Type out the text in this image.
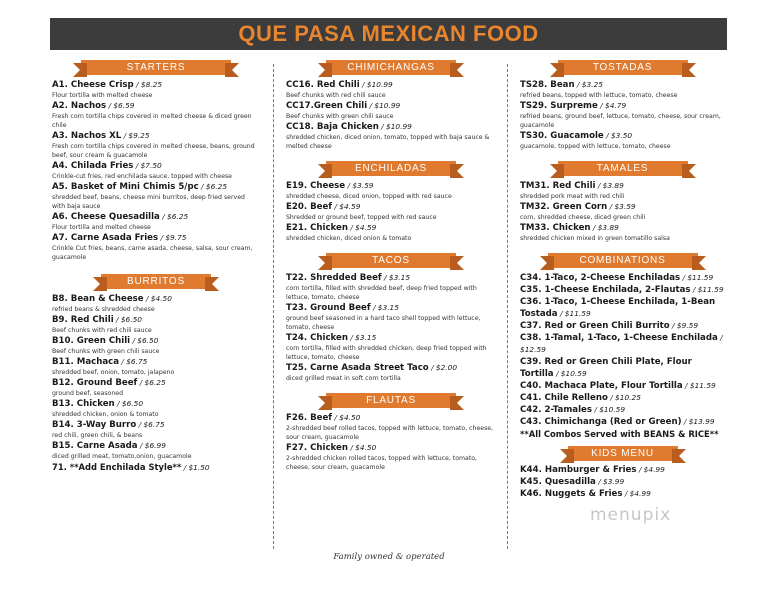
QUE PASA MEXICAN FOOD
STARTERS
A1. Cheese Crisp / $8.25
Flour tortilla with melted cheese
A2. Nachos / $6.59
Fresh corn tortilla chips covered in melted cheese & diced green chile
A3. Nachos XL / $9.25
Fresh corn tortilla chips covered in melted cheese, beans, ground beef, sour cream & guacamole
A4. Chilada Fries / $7.50
Crinkle-cut fries, red enchilada sauce, topped with cheese
A5. Basket of Mini Chimis 5/pc / $6.25
shredded beef, beans, cheese mini burritos, deep fried served with baja sauce
A6. Cheese Quesadilla / $6.25
Flour tortilla and melted cheese
A7. Carne Asada Fries / $9.75
Crinkle Cut fries, beans, carne asada, cheese, salsa, sour cream, guacamole
BURRITOS
B8. Bean & Cheese / $4.50
refried beans & shredded cheese
B9. Red Chili / $6.50
Beef chunks with red chili sauce
B10. Green Chili / $6.50
Beef chunks with green chili sauce
B11. Machaca / $6.75
shredded beef, onion, tomato, jalapeno
B12. Ground Beef / $6.25
ground beef, seasoned
B13. Chicken / $6.50
shredded chicken, onion & tomato
B14. 3-Way Burro / $6.75
red chili, green chili, & beans
B15. Carne Asada / $6.99
diced grilled meat, tomato,onion, guacamole
71. **Add Enchilada Style** / $1.50
CHIMICHANGAS
CC16. Red Chili / $10.99
Beef chunks with red chili sauce
CC17.Green Chili / $10.99
Beef chunks with green chili sauce
CC18. Baja Chicken / $10.99
shredded chicken, diced onion, tomato, topped with baja sauce & melted cheese
ENCHILADAS
E19. Cheese / $3.59
shredded cheese, diced onion, topped with red sauce
E20. Beef / $4.59
Shredded or ground beef, topped with red sauce
E21. Chicken / $4.59
shredded chicken, diced onion & tomato
TACOS
T22. Shredded Beef / $3.15
corn tortilla, filled with shredded beef, deep fried topped with lettuce, tomato, cheese
T23. Ground Beef / $3.15
ground beef seasoned in a hard taco shell topped with lettuce, tomato, cheese
T24. Chicken / $3.15
corn tortilla, filled with shredded chicken, deep fried topped with lettuce, tomato, cheese
T25. Carne Asada Street Taco / $2.00
diced grilled meat in soft corn tortilla
FLAUTAS
F26. Beef / $4.50
2-shredded beef rolled tacos, topped with lettuce, tomato, cheese, sour cream, guacamole
F27. Chicken / $4.50
2-shredded chicken rolled tacos, topped with lettuce, tomato, cheese, sour cream, guacamole
TOSTADAS
TS28. Bean / $3.25
refried beans, topped with lettuce, tomato, cheese
TS29. Surpreme / $4.79
refried beans, ground beef, lettuce, tomato, cheese, sour cream, guacamole
TS30. Guacamole / $3.50
guacamole, topped with lettuce, tomato, cheese
TAMALES
TM31. Red Chili / $3.89
shredded pork meat with red chili
TM32. Green Corn / $3.59
corn, shredded cheese, diced green chili
TM33. Chicken / $3.89
shredded chicken mixed in green tomatillo salsa
COMBINATIONS
C34. 1-Taco, 2-Cheese Enchiladas / $11.59
C35. 1-Cheese Enchilada, 2-Flautas / $11.59
C36. 1-Taco, 1-Cheese Enchilada, 1-Bean Tostada / $11.59
C37. Red or Green Chili Burrito / $9.59
C38. 1-Tamal, 1-Taco, 1-Cheese Enchilada / $12.59
C39. Red or Green Chili Plate, Flour Tortilla / $10.59
C40. Machaca Plate, Flour Tortilla / $11.59
C41. Chile Relleno / $10.25
C42. 2-Tamales / $10.59
C43. Chimichanga (Red or Green) / $13.99
**All Combos Served with BEANS & RICE**
KIDS MENU
K44. Hamburger & Fries / $4.99
K45. Quesadilla / $3.99
K46. Nuggets & Fries / $4.99
menupix
Family owned & operated
